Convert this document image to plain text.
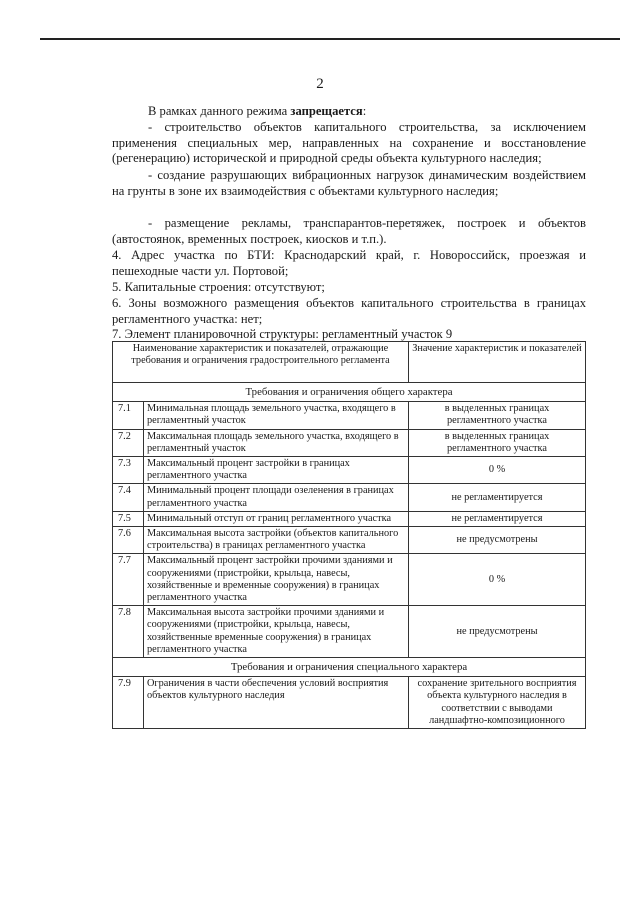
2
В рамках данного режима запрещается:
- строительство объектов капитального строительства, за исключением применения специальных мер, направленных на сохранение и восстановление (регенерацию) исторической и природной среды объекта культурного наследия;
- создание разрушающих вибрационных нагрузок динамическим воздействием на грунты в зоне их взаимодействия с объектами культурного наследия;
- размещение рекламы, транспарантов-перетяжек, построек и объектов (автостоянок, временных построек, киосков и т.п.).
4. Адрес участка по БТИ: Краснодарский край, г. Новороссийск, проезжая и пешеходные части ул. Портовой;
5. Капитальные строения: отсутствуют;
6. Зоны возможного размещения объектов капитального строительства в границах регламентного участка: нет;
7. Элемент планировочной структуры: регламентный участок 9
Наименование характеристик и показателей, отражающие требования и ограничения градостроительного регламента		Значение характеристик и показателей
Требования и ограничения общего характера		
7.1	Минимальная площадь земельного участка, входящего в регламентный участок	в выделенных границах регламентного участка
7.2	Максимальная площадь земельного участка, входящего в регламентный участок	в выделенных границах регламентного участка
7.3	Максимальный процент застройки в границах регламентного участка	0 %
7.4	Минимальный процент площади озеленения в границах регламентного участка	не регламентируется
7.5	Минимальный отступ от границ регламентного участка	не регламентируется
7.6	Максимальная высота застройки (объектов капитального строительства) в границах регламентного участка	не предусмотрены
7.7	Максимальный процент застройки прочими зданиями и сооружениями (пристройки, крыльца, навесы, хозяйственные и временные сооружения) в границах регламентного участка	0 %
7.8	Максимальная высота застройки прочими зданиями и сооружениями (пристройки, крыльца, навесы, хозяйственные временные сооружения) в границах регламентного участка	не предусмотрены
Требования и ограничения специального характера		
7.9	Ограничения в части обеспечения условий восприятия объектов культурного наследия	сохранение зрительного восприятия объекта культурного наследия в соответствии с выводами ландшафтно-композиционного
